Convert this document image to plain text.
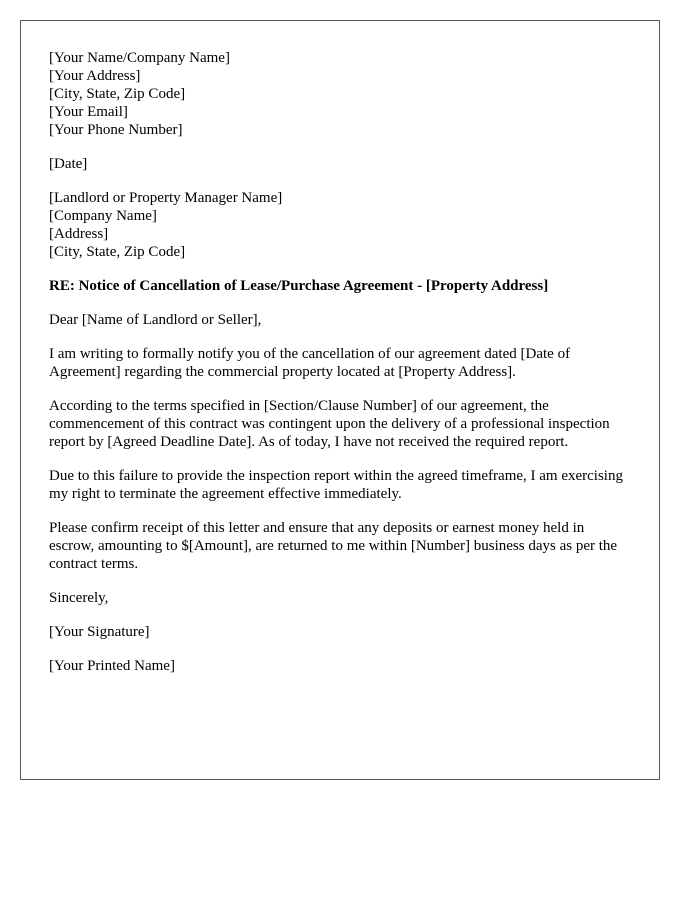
[Your Name/Company Name]
[Your Address]
[City, State, Zip Code]
[Your Email]
[Your Phone Number]

[Date]

[Landlord or Property Manager Name]
[Company Name]
[Address]
[City, State, Zip Code]

RE: Notice of Cancellation of Lease/Purchase Agreement - [Property Address]

Dear [Name of Landlord or Seller],

I am writing to formally notify you of the cancellation of our agreement dated [Date of Agreement] regarding the commercial property located at [Property Address].

According to the terms specified in [Section/Clause Number] of our agreement, the commencement of this contract was contingent upon the delivery of a professional inspection report by [Agreed Deadline Date]. As of today, I have not received the required report.

Due to this failure to provide the inspection report within the agreed timeframe, I am exercising my right to terminate the agreement effective immediately.

Please confirm receipt of this letter and ensure that any deposits or earnest money held in escrow, amounting to $[Amount], are returned to me within [Number] business days as per the contract terms.

Sincerely,

[Your Signature]

[Your Printed Name]
